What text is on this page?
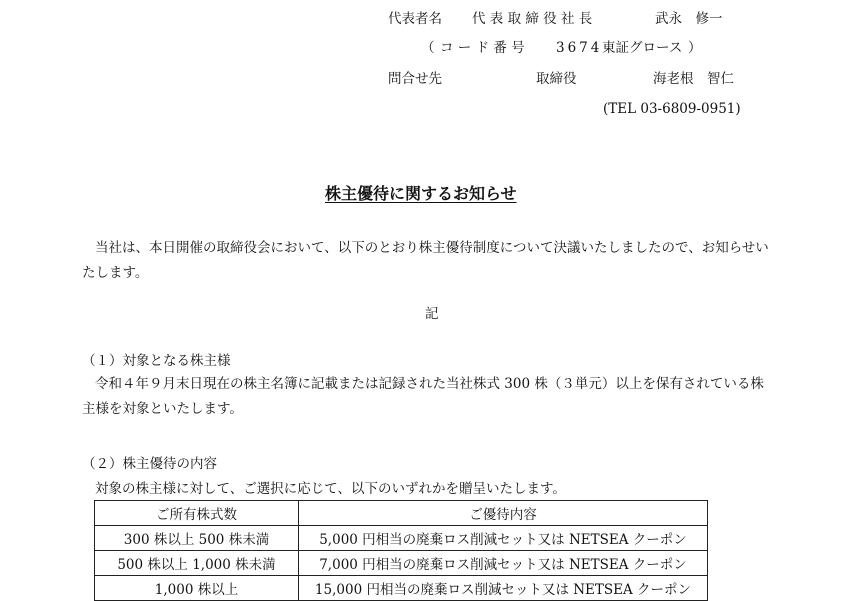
代表者名 代 表 取 締 役 社 長	武永　修一
（ コ ー ド 番 号 3674 東証グロース ）
問合せ先	取締役	海老根　智仁
(TEL 03-6809-0951)
株主優待に関するお知らせ
当社は、本日開催の取締役会において、以下のとおり株主優待制度について決議いたしましたので、お知らせいたします。
記
（１）対象となる株主様
令和４年９月末日現在の株主名簿に記載または記録された当社株式 300 株（３単元）以上を保有されている株主様を対象といたします。
（２）株主優待の内容
対象の株主様に対して、ご選択に応じて、以下のいずれかを贈呈いたします。
ご所有株式数	ご優待内容
300 株以上 500 株未満	5,000 円相当の廃棄ロス削減セット又は NETSEA クーポン
500 株以上 1,000 株未満	7,000 円相当の廃棄ロス削減セット又は NETSEA クーポン
1,000 株以上	15,000 円相当の廃棄ロス削減セット又は NETSEA クーポン
